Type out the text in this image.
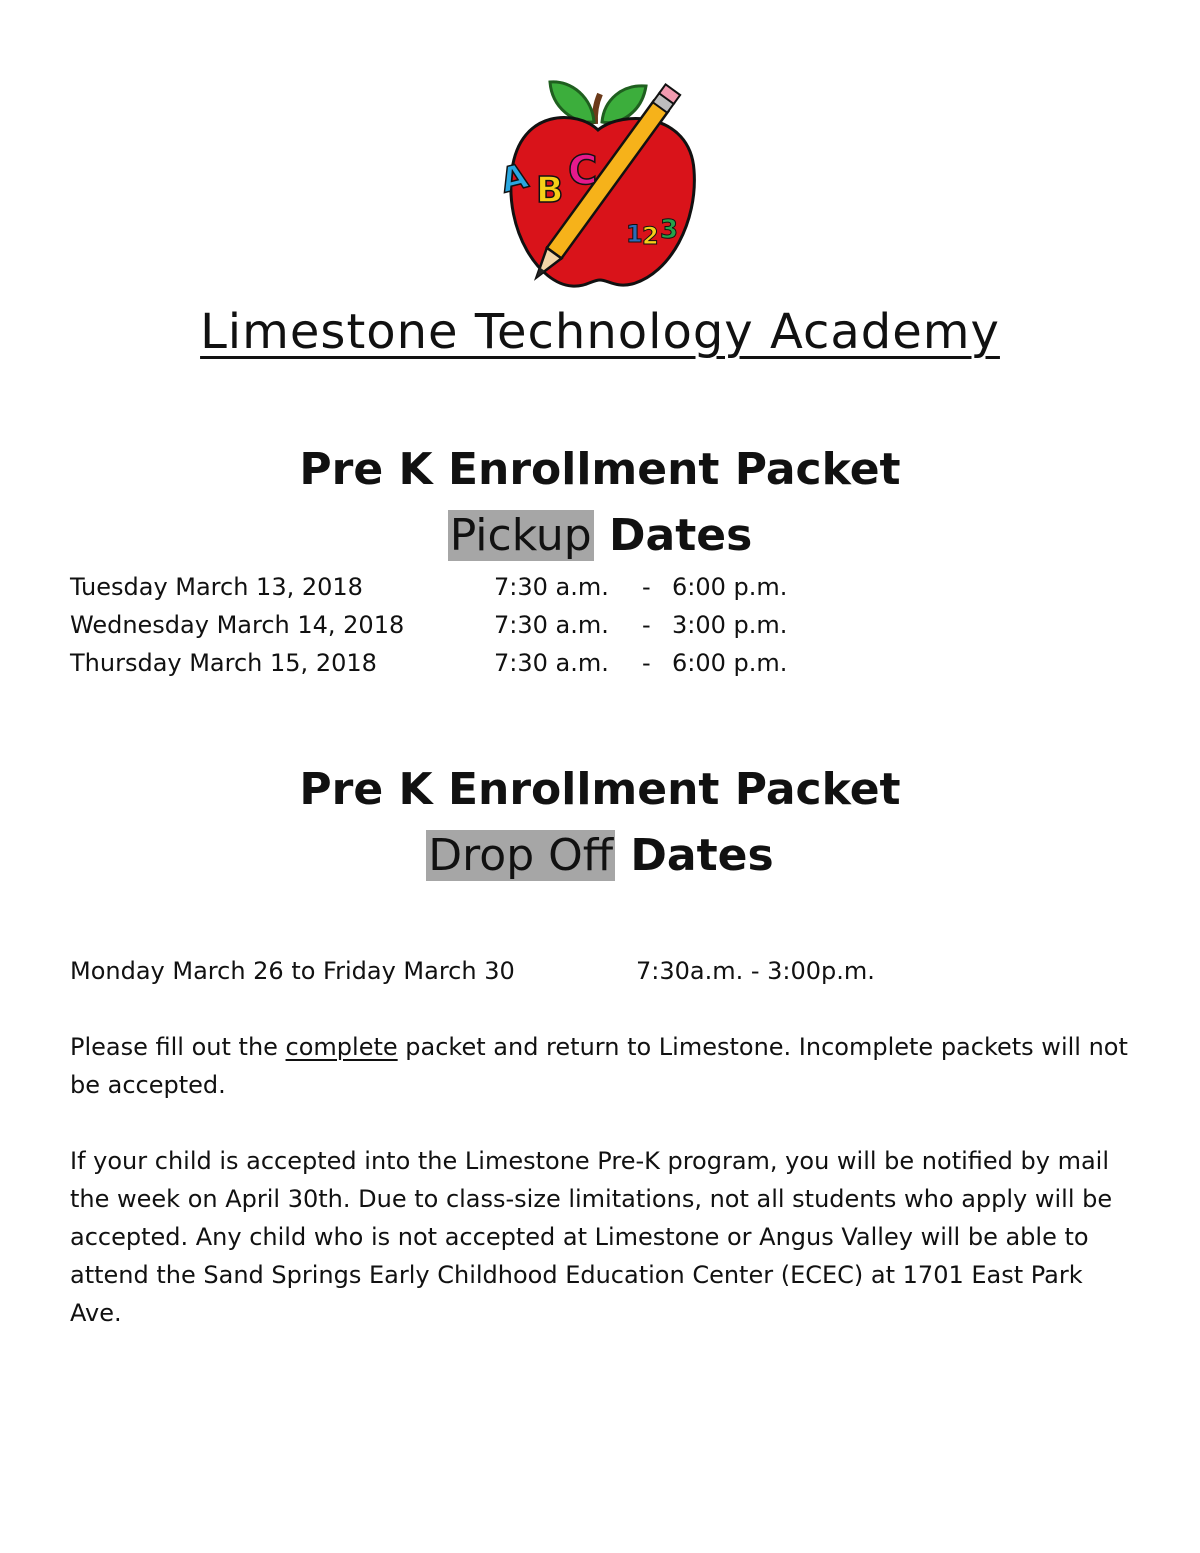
A B C
1 2 3
Limestone Technology Academy
Pre K Enrollment Packet
Pickup Dates
Tuesday March 13, 2018	7:30 a.m. - 6:00 p.m.
Wednesday March 14, 2018	7:30 a.m. - 3:00 p.m.
Thursday March 15, 2018	7:30 a.m. - 6:00 p.m.
Pre K Enrollment Packet
Drop Off Dates
Monday March 26 to Friday March 30	7:30a.m. - 3:00p.m.
Please fill out the complete packet and return to Limestone. Incomplete packets will not be accepted.
If your child is accepted into the Limestone Pre-K program, you will be notified by mail the week on April 30th. Due to class-size limitations, not all students who apply will be accepted. Any child who is not accepted at Limestone or Angus Valley will be able to attend the Sand Springs Early Childhood Education Center (ECEC) at 1701 East Park Ave.
